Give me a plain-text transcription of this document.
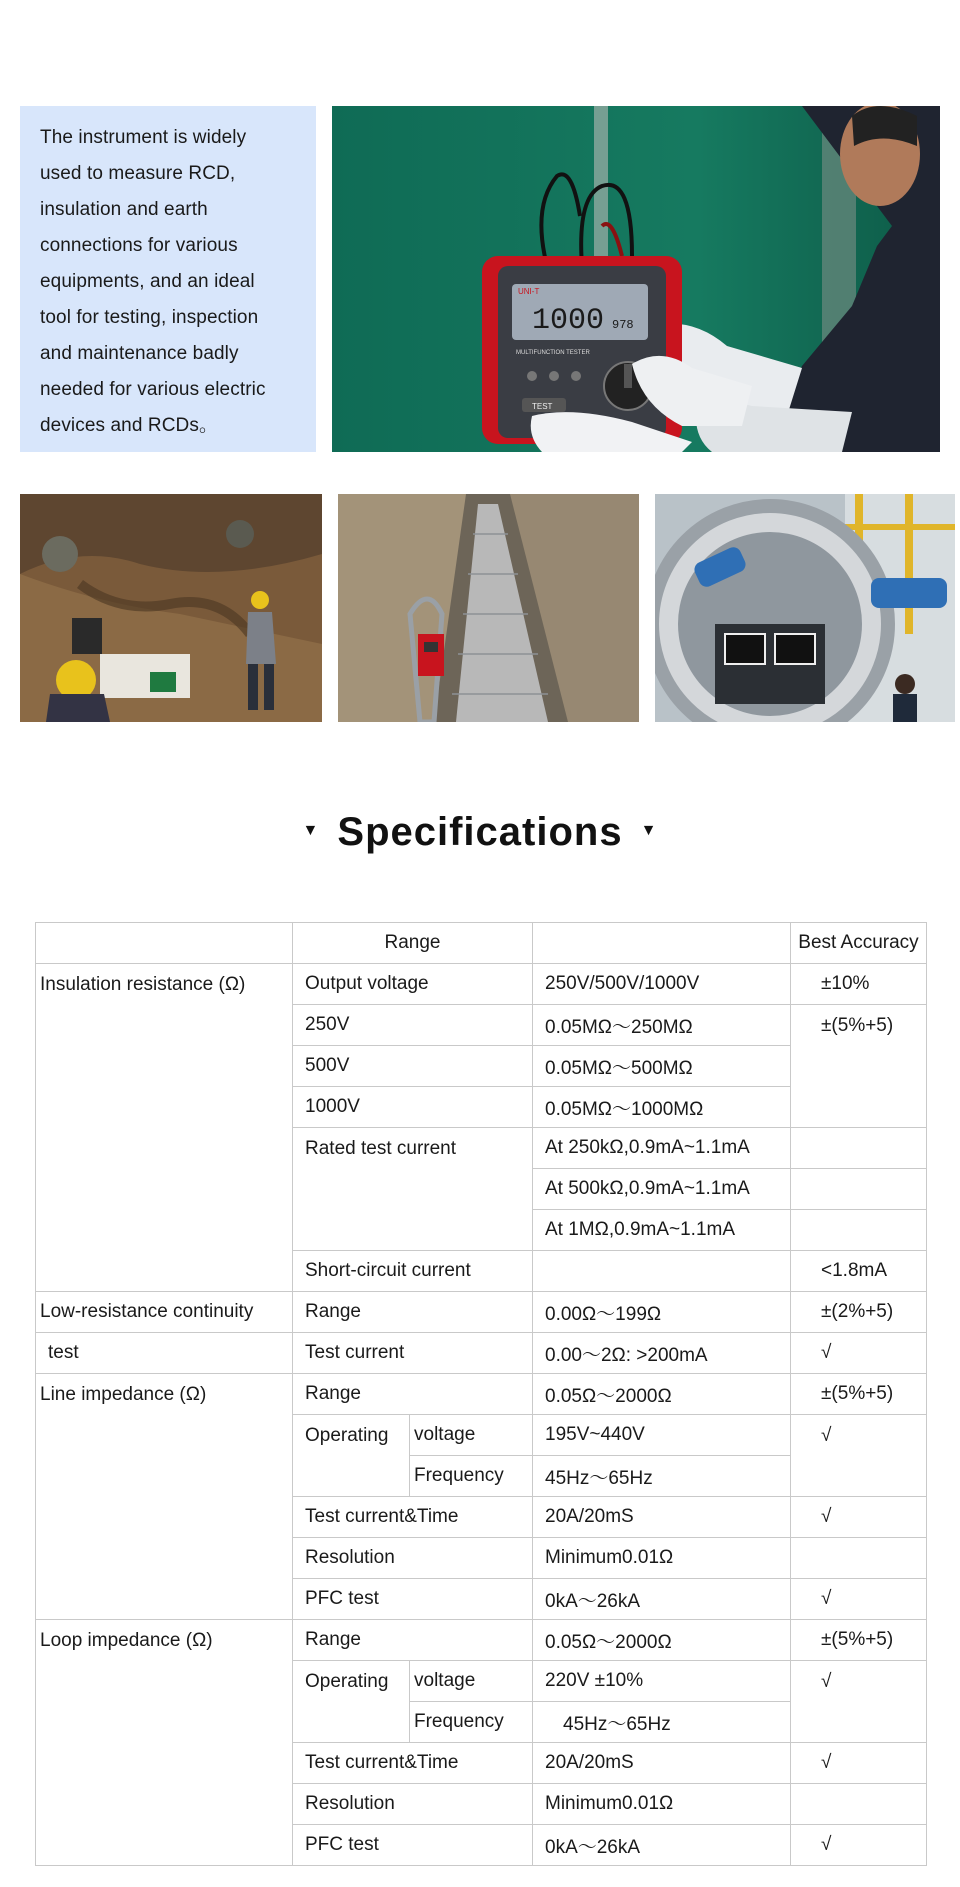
The instrument is widely
used to measure RCD,
insulation and earth
connections for various
equipments, and an ideal
tool for testing, inspection
and maintenance badly
needed for various electric
devices and RCDs。
UNI-T
1000 978
MULTIFUNCTION TESTER
TEST
▼ Specifications ▼
	Range			Best Accuracy
Insulation resistance (Ω)	Output voltage		250V/500V/1000V	±10%
	250V		0.05MΩ～250MΩ	±(5%+5)
	500V		0.05MΩ～500MΩ	
	1000V		0.05MΩ～1000MΩ	
	Rated test current		At 250kΩ,0.9mA~1.1mA	
			At 500kΩ,0.9mA~1.1mA	
			At 1MΩ,0.9mA~1.1mA	
	Short-circuit current			<1.8mA
Low-resistance continuity	Range		0.00Ω～199Ω	±(2%+5)
test	Test current		0.00～2Ω: >200mA	√
Line impedance (Ω)	Range		0.05Ω～2000Ω	±(5%+5)
	Operating	voltage	195V~440V	√
		Frequency	45Hz～65Hz	
	Test current&Time		20A/20mS	√
	Resolution		Minimum0.01Ω	
	PFC test		0kA～26kA	√
Loop impedance (Ω)	Range		0.05Ω～2000Ω	±(5%+5)
	Operating	voltage	220V ±10%	√
		Frequency	45Hz～65Hz	
	Test current&Time		20A/20mS	√
	Resolution		Minimum0.01Ω	
	PFC test		0kA～26kA	√
